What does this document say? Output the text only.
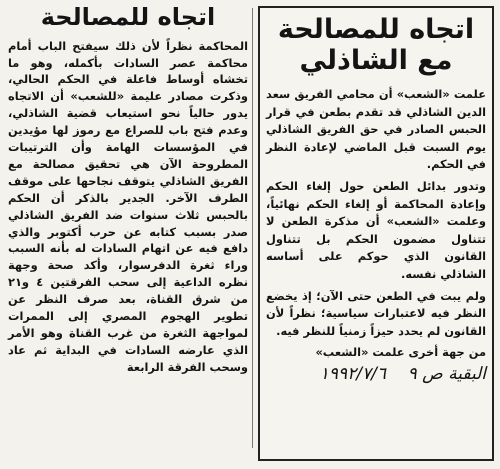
اتجاه للمصالحة

المحاكمة نظراً لأن ذلك سيفتح الباب أمام محاكمة عصر السادات بأكمله، وهو ما تخشاه أوساط فاعلة في الحكم الحالي، وذكرت مصادر عليمة «للشعب» أن الاتجاه يدور حالياً نحو استيعاب قضية الشاذلي، وعدم فتح باب للصراع مع رموز لها مؤيدين في المؤسسات الهامة وأن الترتيبات المطروحة الآن هي تحقيق مصالحة مع الفريق الشاذلي يتوقف نجاحها على موقف الطرف الآخر. الجدير بالذكر أن الحكم بالحبس ثلاث سنوات ضد الفريق الشاذلي صدر بسبب كتابه عن حرب أكتوبر والذي دافع فيه عن اتهام السادات له بأنه السبب وراء ثغرة الدفرسوار، وأكد صحة وجهة نظره الداعية إلى سحب الفرقتين ٤ و٢١ من شرق القناة، بعد صرف النظر عن تطوير الهجوم المصري إلى الممرات لمواجهة الثغرة من غرب القناة وهو الأمر الذي عارضه السادات في البداية ثم عاد وسحب الفرقة الرابعة

اتجاه للمصالحة
مع الشاذلي

علمت «الشعب» أن محامي الفريق سعد الدين الشاذلي قد تقدم بطعن في قرار الحبس الصادر في حق الفريق الشاذلي يوم السبت قبل الماضي لإعادة النظر في الحكم.

وتدور بدائل الطعن حول إلغاء الحكم وإعادة المحاكمة أو إلغاء الحكم نهائياً، وعلمت «الشعب» أن مذكرة الطعن لا تتناول مضمون الحكم بل تتناول القانون الذي حوكم على أساسه الشاذلي نفسه.

ولم يبت في الطعن حتى الآن؛ إذ يخضع النظر فيه لاعتبارات سياسية؛ نظراً لأن القانون لم يحدد حيزاً زمنياً للنظر فيه.

من جهة أخرى علمت «الشعب»

البقية ص ٩    ١٩٩٢/٧/٦
